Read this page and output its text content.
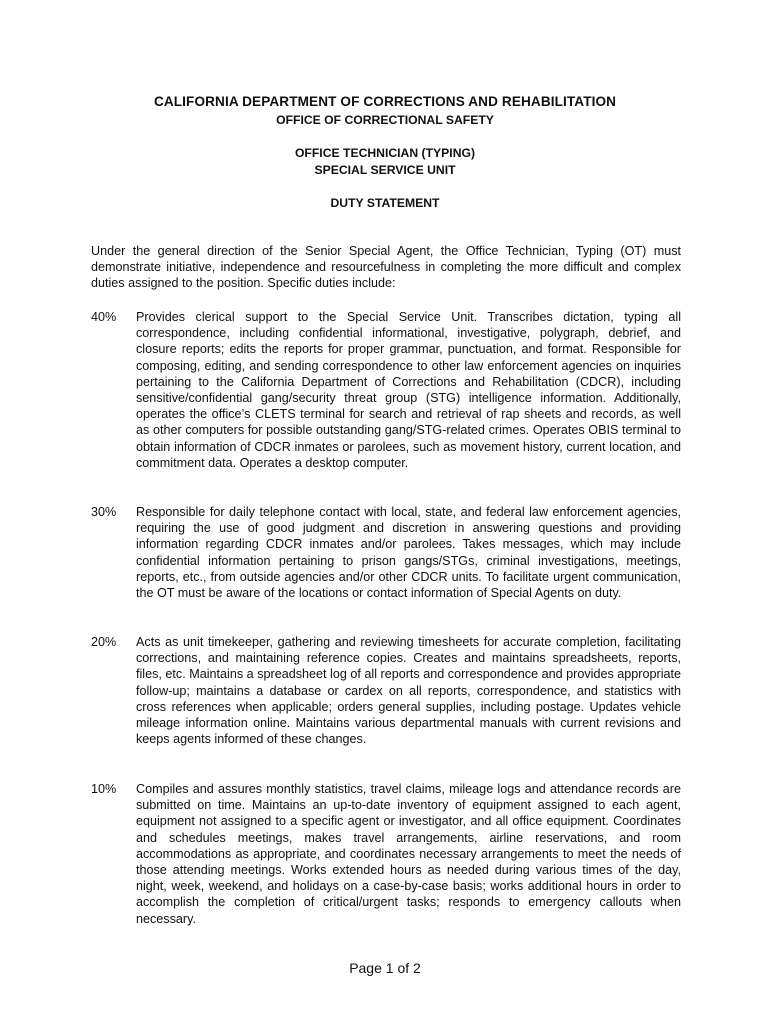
CALIFORNIA DEPARTMENT OF CORRECTIONS AND REHABILITATION
OFFICE OF CORRECTIONAL SAFETY
OFFICE TECHNICIAN (TYPING)
SPECIAL SERVICE UNIT
DUTY STATEMENT
Under the general direction of the Senior Special Agent, the Office Technician, Typing (OT) must demonstrate initiative, independence and resourcefulness in completing the more difficult and complex duties assigned to the position. Specific duties include:
40%	Provides clerical support to the Special Service Unit. Transcribes dictation, typing all correspondence, including confidential informational, investigative, polygraph, debrief, and closure reports; edits the reports for proper grammar, punctuation, and format. Responsible for composing, editing, and sending correspondence to other law enforcement agencies on inquiries pertaining to the California Department of Corrections and Rehabilitation (CDCR), including sensitive/confidential gang/security threat group (STG) intelligence information. Additionally, operates the office’s CLETS terminal for search and retrieval of rap sheets and records, as well as other computers for possible outstanding gang/STG-related crimes. Operates OBIS terminal to obtain information of CDCR inmates or parolees, such as movement history, current location, and commitment data. Operates a desktop computer.
30%	Responsible for daily telephone contact with local, state, and federal law enforcement agencies, requiring the use of good judgment and discretion in answering questions and providing information regarding CDCR inmates and/or parolees. Takes messages, which may include confidential information pertaining to prison gangs/STGs, criminal investigations, meetings, reports, etc., from outside agencies and/or other CDCR units. To facilitate urgent communication, the OT must be aware of the locations or contact information of Special Agents on duty.
20%	Acts as unit timekeeper, gathering and reviewing timesheets for accurate completion, facilitating corrections, and maintaining reference copies. Creates and maintains spreadsheets, reports, files, etc. Maintains a spreadsheet log of all reports and correspondence and provides appropriate follow-up; maintains a database or cardex on all reports, correspondence, and statistics with cross references when applicable; orders general supplies, including postage. Updates vehicle mileage information online. Maintains various departmental manuals with current revisions and keeps agents informed of these changes.
10%	Compiles and assures monthly statistics, travel claims, mileage logs and attendance records are submitted on time. Maintains an up-to-date inventory of equipment assigned to each agent, equipment not assigned to a specific agent or investigator, and all office equipment. Coordinates and schedules meetings, makes travel arrangements, airline reservations, and room accommodations as appropriate, and coordinates necessary arrangements to meet the needs of those attending meetings. Works extended hours as needed during various times of the day, night, week, weekend, and holidays on a case-by-case basis; works additional hours in order to accomplish the completion of critical/urgent tasks; responds to emergency callouts when necessary.
Page 1 of 2
